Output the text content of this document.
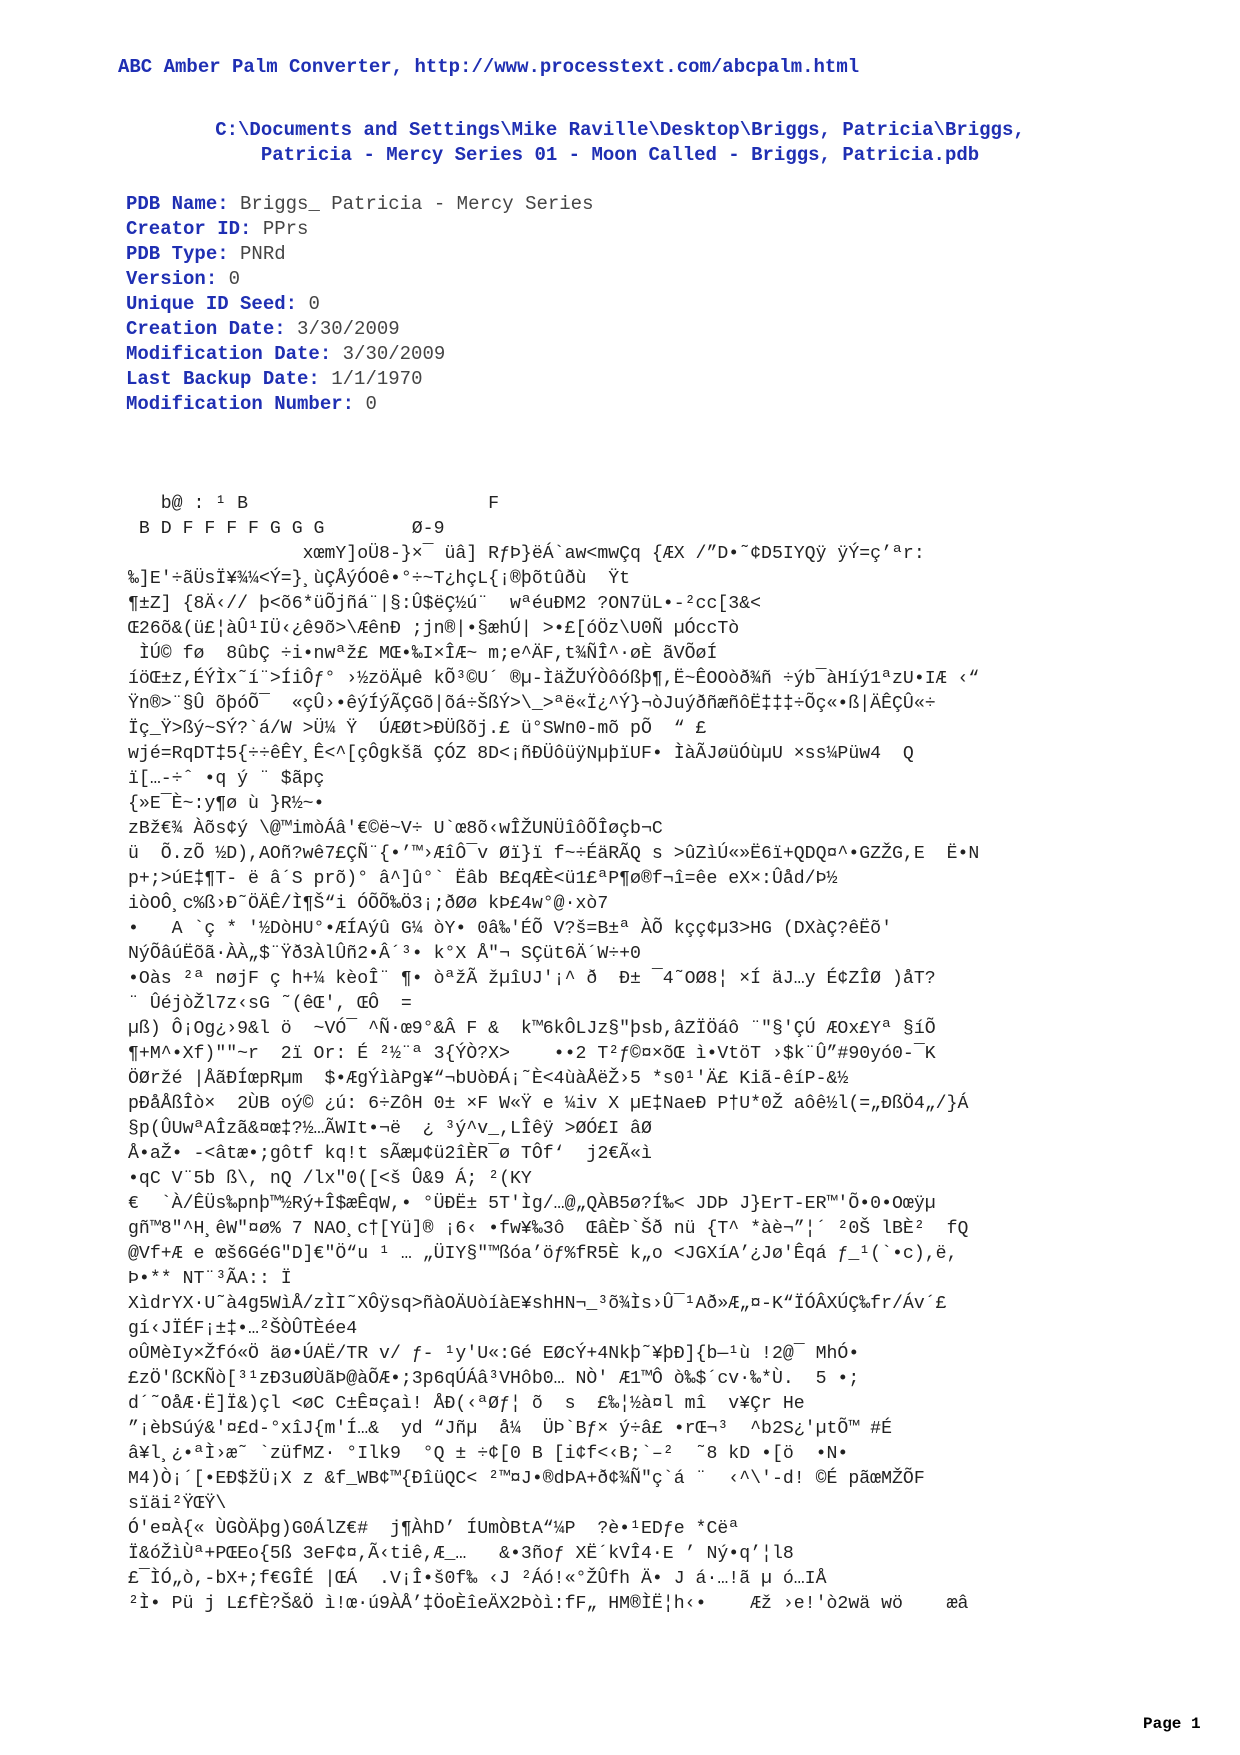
ABC Amber Palm Converter, http://www.processtext.com/abcpalm.html
C:\Documents and Settings\Mike Raville\Desktop\Briggs, Patricia\Briggs,
Patricia - Mercy Series 01 - Moon Called - Briggs, Patricia.pdb
PDB Name: Briggs_ Patricia - Mercy Series
Creator ID: PPrs
PDB Type: PNRd
Version: 0
Unique ID Seed: 0
Creation Date: 3/30/2009
Modification Date: 3/30/2009
Last Backup Date: 1/1/1970
Modification Number: 0
b@ : ¹ B                      F
B D F F F F G G G        Ø-9
xœmY]oÜ8-}×¯ üâ] RƒÞ}ëÁ`aw<mwÇq {ÆX /”D•˜¢D5IYQÿ ÿÝ=ç’ªr:
‰]E'÷ãÜsÏ¥¾¼<Ý=}¸ùÇÅýÓOê•°÷~T¿hçL{¡®þõtûðù  Ÿt
¶±Z] {8Ä‹// þ<õ6*üÕjñá¨|§:Û$ëÇ½ú¨  wªéuÐM2 ?ON7üL•-²cc[3&<
Œ26õ&(ü£¦àÛ¹IÜ‹¿ê9õ>\ÆênÐ ;jn®|•§æhÚ| >•£[óÖz\U0Ñ µÓccTò
ÌÚ© fø  8ûbÇ ÷i•nwªž£ MŒ•‰I×ÎÆ~ m;e^ÄF,t¾ÑÎ^·øÈ ãVÕøÍ
íöŒ±z,ÉÝÌx˜í¨>ÍiÔƒ° ›½zöÄµê kÕ³©U´ ®µ-ÌäŽUÝÒôóßþ¶,Ë~ÊOOòð¾ñ ÷ýb¯àHíý1ªzU•IÆ ‹“
Ÿn®>¨§Û õþóÕ¯  «çÛ›•êýÍýÃÇGõ|õá÷ŠßÝ>\_>ªë«Ï¿^Ý}¬òJuýðñæñôË‡‡‡÷Õç«•ß|ÄÊÇÛ«÷
Ïç_Ÿ>ßý~SÝ?`á/W >Ü¼ Ÿ  ÚÆØt>ÐÜßõj.£ ü°SWn0-mõ pÕ  “ £
wjé=RqDT‡5{÷÷êÊY¸Ê<^[çÔgkšã ÇÓZ 8D<¡ñÐÜôüÿNµþïUF• ÌàÃJøüÓùµU ×ss¼Püw4  Q
ï[…-÷ˆ •q ý ¨ $ãpç
{»E¯È~:y¶ø ù }R½~•
zBž€¾ Àõs¢ý \@™imòÁâ'€©ë~V÷ U`œ8õ‹wÎŽUNÜîôÕÎøçb¬C
ü  Õ.zÕ ½D),AOñ?wê7£ÇÑ¨{•’™›ÆîÔ¯v Øï}ï f~÷ÉäRÃQ s >ûZìÚ«»Ë6ï+QDQ¤^•GZŽG,E  Ë•N
p+;>úE‡¶T- ë â´S prõ)° â^]û°` Ëâb B£qÆÈ<ü1£ªP¶ø®f¬î=êe eX×:Ûåd/Þ½
iòOÔ¸c%ß›Ð˜ÖÄÊ/Ì¶Š“i ÓÕÕ‰Ö3¡;ðØø kÞ£4w°@·xò7
•   A `ç * '½DòHU°•ÆÍAýû G¼ òY• 0â‰'ÉÕ V?š=B±ª ÀÕ kçç¢µ3>HG (DXàÇ?êËõ'
NýÕâúËõã·ÀÀ„$¨Ÿð3ÀlÛñ2•Â´³• k°X Å"¬ SÇüt6Ä´W÷+0
•Oàs ²ª nøjF ç h+¼ kèoÎ¨ ¶• òªžÃ žµîUJ'¡^ ð  Ð± ¯4˜OØ8¦ ×Í äJ…y É¢ZÎØ )åT?
¨ ÛéjòŽl7z‹sG ˜(êŒ', ŒÔ  =
µß) Ô¡Og¿›9&l ö  ~VÓ¯ ^Ñ·œ9°&Â F &  k™6kÔLJz§"þsb,âZÏÖáô ¨"§'ÇÚ ÆOx£Yª §íÕ
¶+M^•Xf)""~r  2ï Or: É ²½¨ª 3{ÝÒ?X>    ••2 T²ƒ©¤×õŒ ì•VtöT ›$k¨Û”#90yó0-¯K
ÖØržé |ÅãÐÍœpRµm  $•ÆgÝìàPg¥“¬bUòÐÁ¡˜È<4ùàÅëŽ›5 *s0¹'Ä£ Kiã-êíP-&½
pÐåÅßÎò×  2ÙB oý© ¿ú: 6÷ZôH 0± ×F W«Ÿ e ¼iv X µE‡NaeÐ P†U*0Ž aôê½l(=„ÐßÖ4„/}Á
§p(ÛUwªAÎzã&¤œ‡?½…ÃWIt•¬ë  ¿ ³ý^v_,LÎêÿ >ØÓ£I âØ
Å•aŽ• -<âtæ•;gôtf kq!t sÃæµ¢ü2îÈR¯ø TÔf‘  j2€Ã«ì
•qC V¨5b ß\, nQ /lx"0([<š Û&9 Á; ²(KY
€  `À/ÊÜs‰pnþ™½Rý+Î$æÊqW,• °ÜÐË± 5T'Ìg/…@„QÀB5ø?Í‰< JDÞ J}ErT-ER™'Õ•0•Oœÿµ
gñ™8"^H¸êW"¤ø% 7 NAO¸c†[Yü]® ¡6‹ •fw¥‰3ô  ŒâÈÞ`Šð nü {T^ *àè¬”¦´ ²0Š lBÈ²  fQ
@Vf+Æ e œš6GéG"D]€"Ö“u ¹ … „ÜIY§"™ßóa’öƒ%fR5È k„o <JGXíA’¿Jø'Êqá ƒ_¹(`•c),ë,
Þ•** NT¨³ÃA:: Ï
XìdrYX·U˜à4g5WìÅ/zÌI˜XÔÿsq>ñàOÄUòíàE¥shHN¬_³õ¾Ìs›Û¯¹Að»Æ„¤-K“ÏÓÂXÚÇ‰fr/Áv´£
gí‹JÏÉF¡±‡•…²ŠÒÛTÈée4
oÛMèIy×Žfó«Ö äø•ÚAË/TR v/ ƒ- ¹y'U«:Gé EØcÝ+4Nkþ˜¥þÐ]{b—¹ù !2@¯ MhÓ•
£zÖ'ßCKÑò[³¹zÐ3uØÙãÞ@àÕÆ•;3p6qÚÁâ³VHôb0… NÒ' Æ1™Ô ò‰$´cv·‰*Ù.  5 •;
d´˜OåÆ·Ë]Ï&)çl <øC C±Ê¤çaì! ÅÐ(‹ªØƒ¦ õ  s  £‰¦½à¤l mî  v¥Çr He
”¡èbSúý&'¤£d-°xîJ{m'Í…&  yd “Jñµ  å¼  ÜÞ`Bƒ× ý÷â£ •rŒ¬³  ^b2S¿'µtÕ™ #É
â¥l¸¿•ªÌ›æ˜ `züfMZ· °Ilk9  °Q ± ÷¢[0 B [i¢f<‹B;`–²  ˜8 kD •[ö  •N•
M4)Ò¡´[•EÐ$žÜ¡X z &f_WB¢™{ÐîüQC< ²™¤J•®dÞA+ð¢¾Ñ"ç`á ¨  ‹^\'-d! ©É pãœMŽÕF
sïäi²ŸŒŸ\
Ó'e¤À{« ÙGÒÄþg)G0ÁlZ€#  j¶ÀhD’ ÍUmÒBtA“¼P  ?è•¹EDƒe *Cëª
Ï&óŽìÙª+PŒEo{5ß 3eF¢¤,Ã‹tiê,Æ_…   &•3ñoƒ XË´kVÎ4·E ’ Ný•q’¦l8
£¯ÌÓ„ò,-bX+;f€GÎÉ |ŒÁ  .V¡Î•š0f‰ ‹J ²Áó!«°ŽÛfh Ä• J á·…!ã µ ó…IÅ
²Ì• Pü j L£fÈ?Š&Ö ì!œ·ú9ÀÅ’‡ÖoÈîeÄX2Þòì:fF„ HM®ÌË¦h‹•    Æž ›e!'ò2wä wö    æâ
Page 1
